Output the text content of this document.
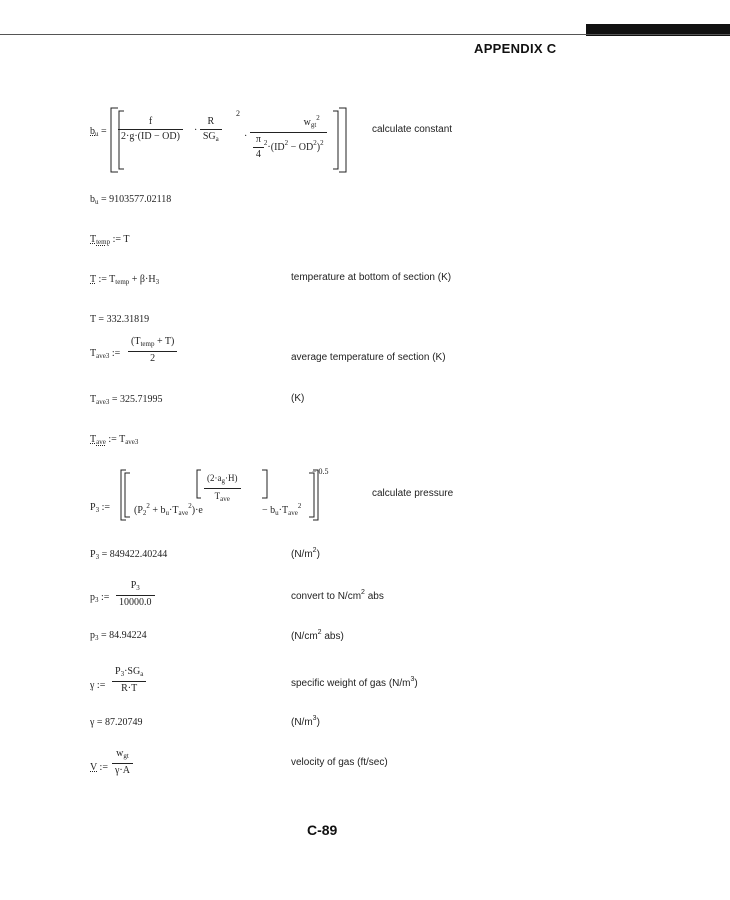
APPENDIX C
$b_u = \frac{f}{2\cdot g\cdot(ID - OD)} \cdot \frac{R}{SG_a}$
2
· $\frac{w_{gt}^2}{\frac{\pi}{4} ^2\cdot(ID^2 - OD^2)^2}$	calculate constant
$b_u = 9103577.02118$
$T_{temp}$ := T
T := $T_{temp} + \beta\cdot H_3$	temperature at bottom of section (K)
T = 332.31819
$T_{ave3}$ := $\frac{(T_{temp} + T)}{2}$	average temperature of section (K)
$T_{ave3} = 325.71995$	(K)
$T_{ave}$ := $T_{ave3}$
$P_3$ :=
− 0.5
$(P_2^2 + b_u\cdot T_{ave}^2)\cdot e$
$\frac{(2\cdot a_g\cdot H)}{T_{ave}}$
− $b_u\cdot T_{ave}^2$
calculate pressure
$P_3 = 849422.40244$	$(N/m^2)$
$p_3$ := $\frac{P_3}{10000.0}$	convert to $N/cm^2$ abs
$p_3 = 84.94224$	($N/cm^2$ abs)
γ := $\frac{P_3\cdot SG_a}{R\cdot T}$	specific weight of gas $(N/m^3)$
γ = 87.20749	$(N/m^3)$
V := $\frac{w_{gt}}{\gamma\cdot A}$	velocity of gas (ft/sec)
C-89
